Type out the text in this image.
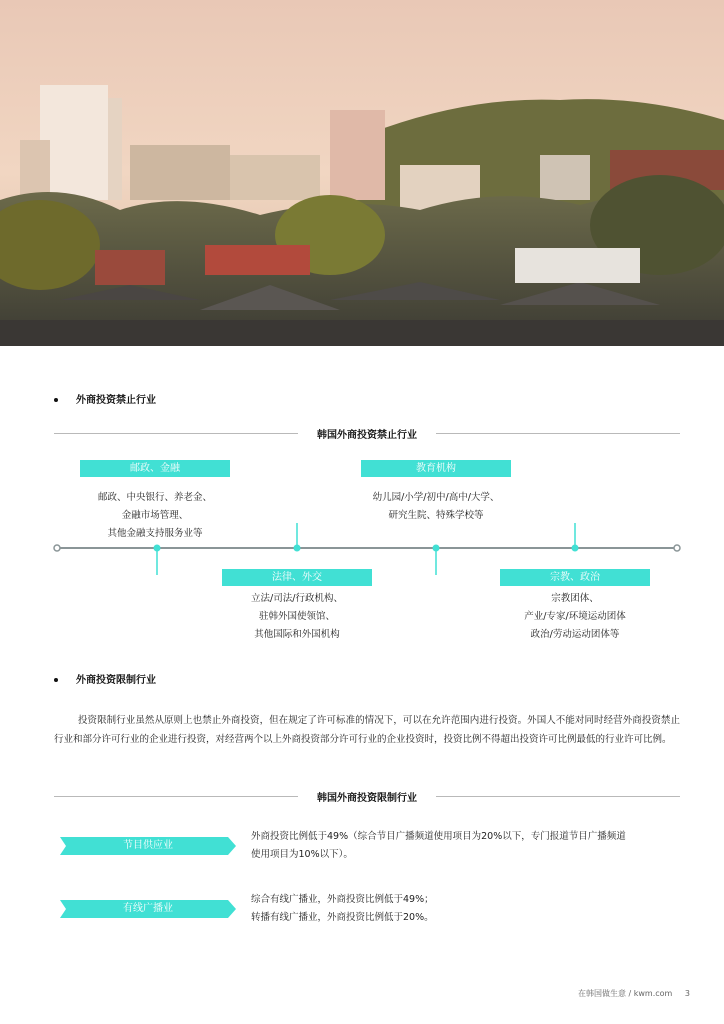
外商投资禁止行业
韩国外商投资禁止行业
邮政、金融
邮政、中央银行、养老金、
金融市场管理、
其他金融支持服务业等
法律、外交
立法/司法/行政机构、
驻韩外国使领馆、
其他国际和外国机构
教育机构
幼儿园/小学/初中/高中/大学、
研究生院、特殊学校等
宗教、政治
宗教团体、
产业/专家/环境运动团体
政治/劳动运动团体等
外商投资限制行业
投资限制行业虽然从原则上也禁止外商投资，但在规定了许可标准的情况下，可以在允许范围内进行投资。外国人不能对同时经营外商投资禁止行业和部分许可行业的企业进行投资，对经营两个以上外商投资部分许可行业的企业投资时，投资比例不得超出投资许可比例最低的行业许可比例。
韩国外商投资限制行业
节目供应业
外商投资比例低于49%（综合节目广播频道使用项目为20%以下，专门报道节目广播频道
使用项目为10%以下）。
有线广播业
综合有线广播业，外商投资比例低于49%；
转播有线广播业，外商投资比例低于20%。
在韩国做生意 / kwm.com 3
